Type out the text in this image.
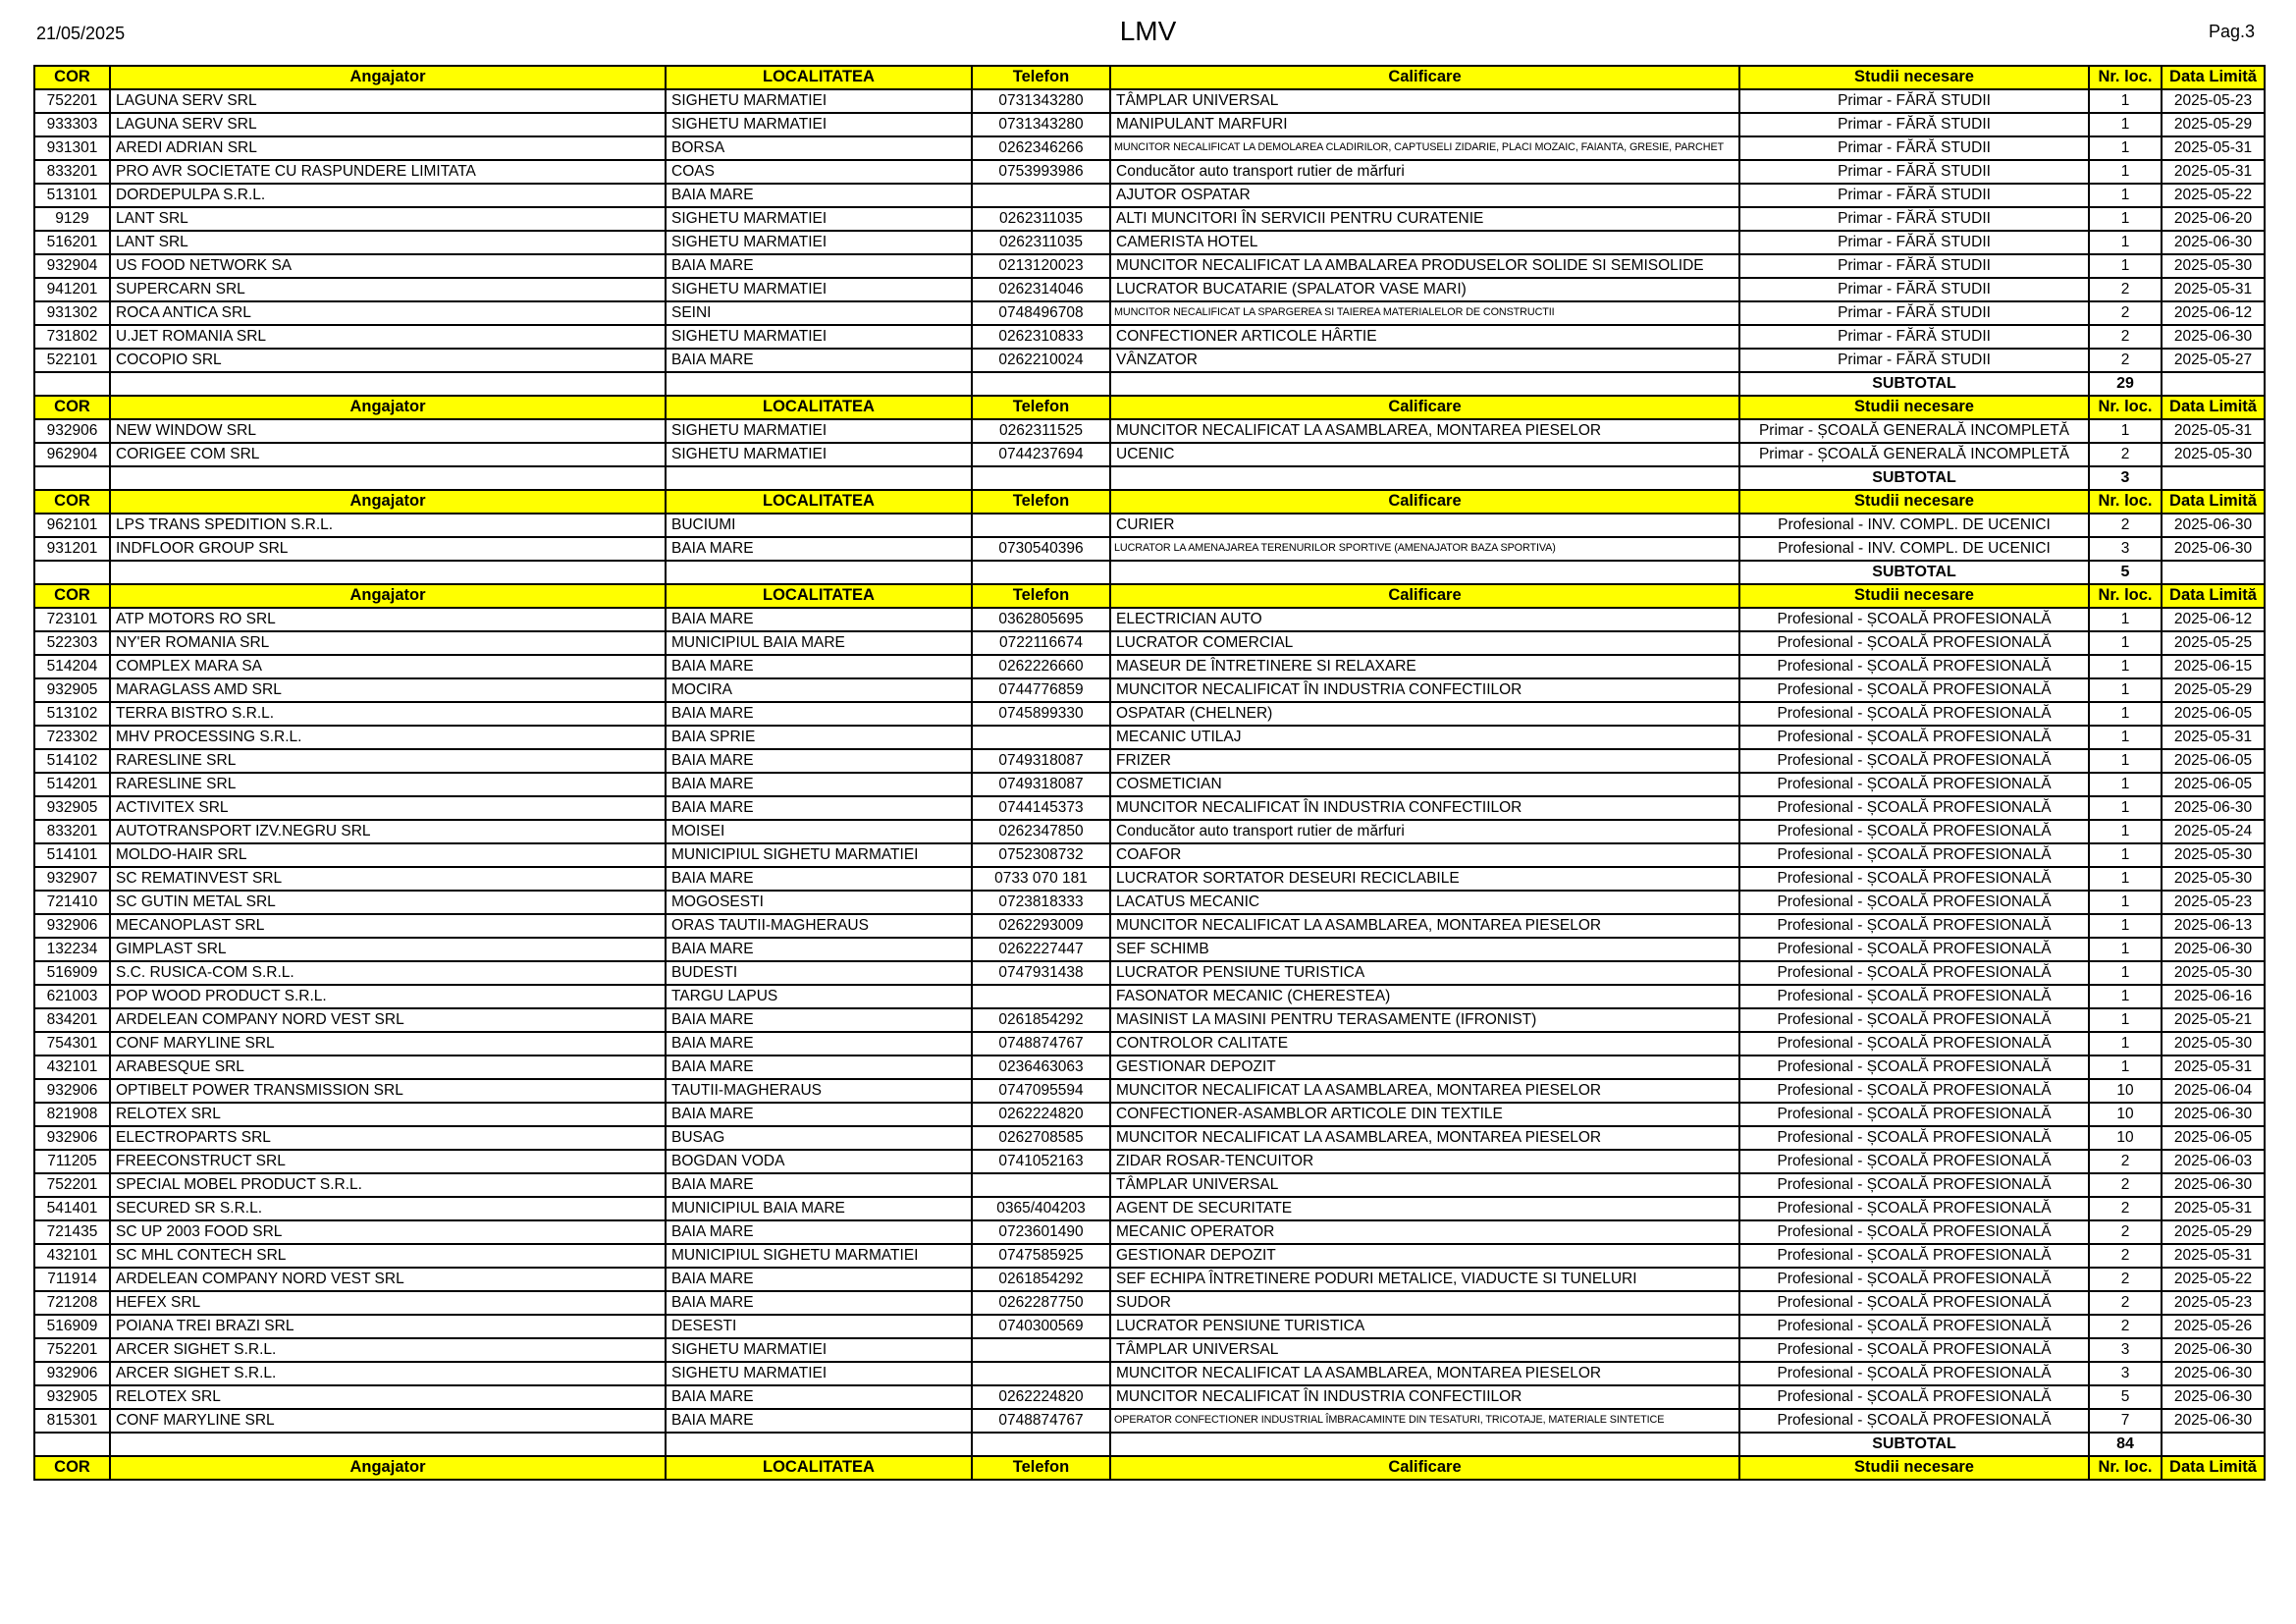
21/05/2025	LMV	Pag.3
COR	Angajator	LOCALITATEA	Telefon	Calificare	Studii necesare	Nr. loc.	Data Limită
752201	LAGUNA SERV SRL	SIGHETU MARMATIEI	0731343280	TÂMPLAR UNIVERSAL	Primar - FĂRĂ STUDII	1	2025-05-23
933303	LAGUNA SERV SRL	SIGHETU MARMATIEI	0731343280	MANIPULANT MARFURI	Primar - FĂRĂ STUDII	1	2025-05-29
931301	AREDI ADRIAN SRL	BORSA	0262346266	MUNCITOR NECALIFICAT LA DEMOLAREA CLADIRILOR, CAPTUSELI ZIDARIE, PLACI MOZAIC, FAIANTA, GRESIE, PARCHET	Primar - FĂRĂ STUDII	1	2025-05-31
833201	PRO AVR SOCIETATE CU RASPUNDERE LIMITATA	COAS	0753993986	Conducător auto transport rutier de mărfuri	Primar - FĂRĂ STUDII	1	2025-05-31
513101	DORDEPULPA S.R.L.	BAIA MARE		AJUTOR OSPATAR	Primar - FĂRĂ STUDII	1	2025-05-22
9129	LANT SRL	SIGHETU MARMATIEI	0262311035	ALTI MUNCITORI ÎN SERVICII PENTRU CURATENIE	Primar - FĂRĂ STUDII	1	2025-06-20
516201	LANT SRL	SIGHETU MARMATIEI	0262311035	CAMERISTA HOTEL	Primar - FĂRĂ STUDII	1	2025-06-30
932904	US FOOD NETWORK SA	BAIA MARE	0213120023	MUNCITOR NECALIFICAT LA AMBALAREA PRODUSELOR SOLIDE SI SEMISOLIDE	Primar - FĂRĂ STUDII	1	2025-05-30
941201	SUPERCARN SRL	SIGHETU MARMATIEI	0262314046	LUCRATOR BUCATARIE (SPALATOR VASE MARI)	Primar - FĂRĂ STUDII	2	2025-05-31
931302	ROCA ANTICA SRL	SEINI	0748496708	MUNCITOR NECALIFICAT LA SPARGEREA SI TAIEREA MATERIALELOR DE CONSTRUCTII	Primar - FĂRĂ STUDII	2	2025-06-12
731802	U.JET ROMANIA SRL	SIGHETU MARMATIEI	0262310833	CONFECTIONER ARTICOLE HÂRTIE	Primar - FĂRĂ STUDII	2	2025-06-30
522101	COCOPIO SRL	BAIA MARE	0262210024	VÂNZATOR	Primar - FĂRĂ STUDII	2	2025-05-27
					SUBTOTAL	29	
COR	Angajator	LOCALITATEA	Telefon	Calificare	Studii necesare	Nr. loc.	Data Limită
932906	NEW WINDOW SRL	SIGHETU MARMATIEI	0262311525	MUNCITOR NECALIFICAT LA ASAMBLAREA, MONTAREA PIESELOR	Primar - ȘCOALĂ GENERALĂ INCOMPLETĂ	1	2025-05-31
962904	CORIGEE COM SRL	SIGHETU MARMATIEI	0744237694	UCENIC	Primar - ȘCOALĂ GENERALĂ INCOMPLETĂ	2	2025-05-30
					SUBTOTAL	3	
COR	Angajator	LOCALITATEA	Telefon	Calificare	Studii necesare	Nr. loc.	Data Limită
962101	LPS TRANS SPEDITION S.R.L.	BUCIUMI		CURIER	Profesional - INV. COMPL. DE UCENICI	2	2025-06-30
931201	INDFLOOR GROUP SRL	BAIA MARE	0730540396	LUCRATOR LA AMENAJAREA TERENURILOR SPORTIVE (AMENAJATOR BAZA SPORTIVA)	Profesional - INV. COMPL. DE UCENICI	3	2025-06-30
					SUBTOTAL	5	
COR	Angajator	LOCALITATEA	Telefon	Calificare	Studii necesare	Nr. loc.	Data Limită
723101	ATP MOTORS RO SRL	BAIA MARE	0362805695	ELECTRICIAN AUTO	Profesional - ȘCOALĂ PROFESIONALĂ	1	2025-06-12
522303	NY'ER ROMANIA SRL	MUNICIPIUL BAIA MARE	0722116674	LUCRATOR COMERCIAL	Profesional - ȘCOALĂ PROFESIONALĂ	1	2025-05-25
514204	COMPLEX MARA SA	BAIA MARE	0262226660	MASEUR DE ÎNTRETINERE SI RELAXARE	Profesional - ȘCOALĂ PROFESIONALĂ	1	2025-06-15
932905	MARAGLASS AMD SRL	MOCIRA	0744776859	MUNCITOR NECALIFICAT ÎN INDUSTRIA CONFECTIILOR	Profesional - ȘCOALĂ PROFESIONALĂ	1	2025-05-29
513102	TERRA BISTRO S.R.L.	BAIA MARE	0745899330	OSPATAR (CHELNER)	Profesional - ȘCOALĂ PROFESIONALĂ	1	2025-06-05
723302	MHV PROCESSING S.R.L.	BAIA SPRIE		MECANIC UTILAJ	Profesional - ȘCOALĂ PROFESIONALĂ	1	2025-05-31
514102	RARESLINE SRL	BAIA MARE	0749318087	FRIZER	Profesional - ȘCOALĂ PROFESIONALĂ	1	2025-06-05
514201	RARESLINE SRL	BAIA MARE	0749318087	COSMETICIAN	Profesional - ȘCOALĂ PROFESIONALĂ	1	2025-06-05
932905	ACTIVITEX SRL	BAIA MARE	0744145373	MUNCITOR NECALIFICAT ÎN INDUSTRIA CONFECTIILOR	Profesional - ȘCOALĂ PROFESIONALĂ	1	2025-06-30
833201	AUTOTRANSPORT IZV.NEGRU SRL	MOISEI	0262347850	Conducător auto transport rutier de mărfuri	Profesional - ȘCOALĂ PROFESIONALĂ	1	2025-05-24
514101	MOLDO-HAIR SRL	MUNICIPIUL SIGHETU MARMATIEI	0752308732	COAFOR	Profesional - ȘCOALĂ PROFESIONALĂ	1	2025-05-30
932907	SC REMATINVEST SRL	BAIA MARE	0733 070 181	LUCRATOR SORTATOR DESEURI RECICLABILE	Profesional - ȘCOALĂ PROFESIONALĂ	1	2025-05-30
721410	SC GUTIN METAL SRL	MOGOSESTI	0723818333	LACATUS MECANIC	Profesional - ȘCOALĂ PROFESIONALĂ	1	2025-05-23
932906	MECANOPLAST SRL	ORAS TAUTII-MAGHERAUS	0262293009	MUNCITOR NECALIFICAT LA ASAMBLAREA, MONTAREA PIESELOR	Profesional - ȘCOALĂ PROFESIONALĂ	1	2025-06-13
132234	GIMPLAST SRL	BAIA MARE	0262227447	SEF SCHIMB	Profesional - ȘCOALĂ PROFESIONALĂ	1	2025-06-30
516909	S.C. RUSICA-COM S.R.L.	BUDESTI	0747931438	LUCRATOR PENSIUNE TURISTICA	Profesional - ȘCOALĂ PROFESIONALĂ	1	2025-05-30
621003	POP WOOD PRODUCT S.R.L.	TARGU LAPUS		FASONATOR MECANIC (CHERESTEA)	Profesional - ȘCOALĂ PROFESIONALĂ	1	2025-06-16
834201	ARDELEAN COMPANY NORD VEST SRL	BAIA MARE	0261854292	MASINIST LA MASINI PENTRU TERASAMENTE (IFRONIST)	Profesional - ȘCOALĂ PROFESIONALĂ	1	2025-05-21
754301	CONF MARYLINE SRL	BAIA MARE	0748874767	CONTROLOR CALITATE	Profesional - ȘCOALĂ PROFESIONALĂ	1	2025-05-30
432101	ARABESQUE SRL	BAIA MARE	0236463063	GESTIONAR DEPOZIT	Profesional - ȘCOALĂ PROFESIONALĂ	1	2025-05-31
932906	OPTIBELT POWER TRANSMISSION SRL	TAUTII-MAGHERAUS	0747095594	MUNCITOR NECALIFICAT LA ASAMBLAREA, MONTAREA PIESELOR	Profesional - ȘCOALĂ PROFESIONALĂ	10	2025-06-04
821908	RELOTEX SRL	BAIA MARE	0262224820	CONFECTIONER-ASAMBLOR ARTICOLE DIN TEXTILE	Profesional - ȘCOALĂ PROFESIONALĂ	10	2025-06-30
932906	ELECTROPARTS SRL	BUSAG	0262708585	MUNCITOR NECALIFICAT LA ASAMBLAREA, MONTAREA PIESELOR	Profesional - ȘCOALĂ PROFESIONALĂ	10	2025-06-05
711205	FREECONSTRUCT SRL	BOGDAN VODA	0741052163	ZIDAR ROSAR-TENCUITOR	Profesional - ȘCOALĂ PROFESIONALĂ	2	2025-06-03
752201	SPECIAL MOBEL PRODUCT S.R.L.	BAIA MARE		TÂMPLAR UNIVERSAL	Profesional - ȘCOALĂ PROFESIONALĂ	2	2025-06-30
541401	SECURED SR S.R.L.	MUNICIPIUL BAIA MARE	0365/404203	AGENT DE SECURITATE	Profesional - ȘCOALĂ PROFESIONALĂ	2	2025-05-31
721435	SC UP 2003 FOOD SRL	BAIA MARE	0723601490	MECANIC OPERATOR	Profesional - ȘCOALĂ PROFESIONALĂ	2	2025-05-29
432101	SC MHL CONTECH SRL	MUNICIPIUL SIGHETU MARMATIEI	0747585925	GESTIONAR DEPOZIT	Profesional - ȘCOALĂ PROFESIONALĂ	2	2025-05-31
711914	ARDELEAN COMPANY NORD VEST SRL	BAIA MARE	0261854292	SEF ECHIPA ÎNTRETINERE PODURI METALICE, VIADUCTE SI TUNELURI	Profesional - ȘCOALĂ PROFESIONALĂ	2	2025-05-22
721208	HEFEX SRL	BAIA MARE	0262287750	SUDOR	Profesional - ȘCOALĂ PROFESIONALĂ	2	2025-05-23
516909	POIANA TREI BRAZI SRL	DESESTI	0740300569	LUCRATOR PENSIUNE TURISTICA	Profesional - ȘCOALĂ PROFESIONALĂ	2	2025-05-26
752201	ARCER SIGHET S.R.L.	SIGHETU MARMATIEI		TÂMPLAR UNIVERSAL	Profesional - ȘCOALĂ PROFESIONALĂ	3	2025-06-30
932906	ARCER SIGHET S.R.L.	SIGHETU MARMATIEI		MUNCITOR NECALIFICAT LA ASAMBLAREA, MONTAREA PIESELOR	Profesional - ȘCOALĂ PROFESIONALĂ	3	2025-06-30
932905	RELOTEX SRL	BAIA MARE	0262224820	MUNCITOR NECALIFICAT ÎN INDUSTRIA CONFECTIILOR	Profesional - ȘCOALĂ PROFESIONALĂ	5	2025-06-30
815301	CONF MARYLINE SRL	BAIA MARE	0748874767	OPERATOR CONFECTIONER INDUSTRIAL ÎMBRACAMINTE DIN TESATURI, TRICOTAJE, MATERIALE SINTETICE	Profesional - ȘCOALĂ PROFESIONALĂ	7	2025-06-30
					SUBTOTAL	84	
COR	Angajator	LOCALITATEA	Telefon	Calificare	Studii necesare	Nr. loc.	Data Limită
